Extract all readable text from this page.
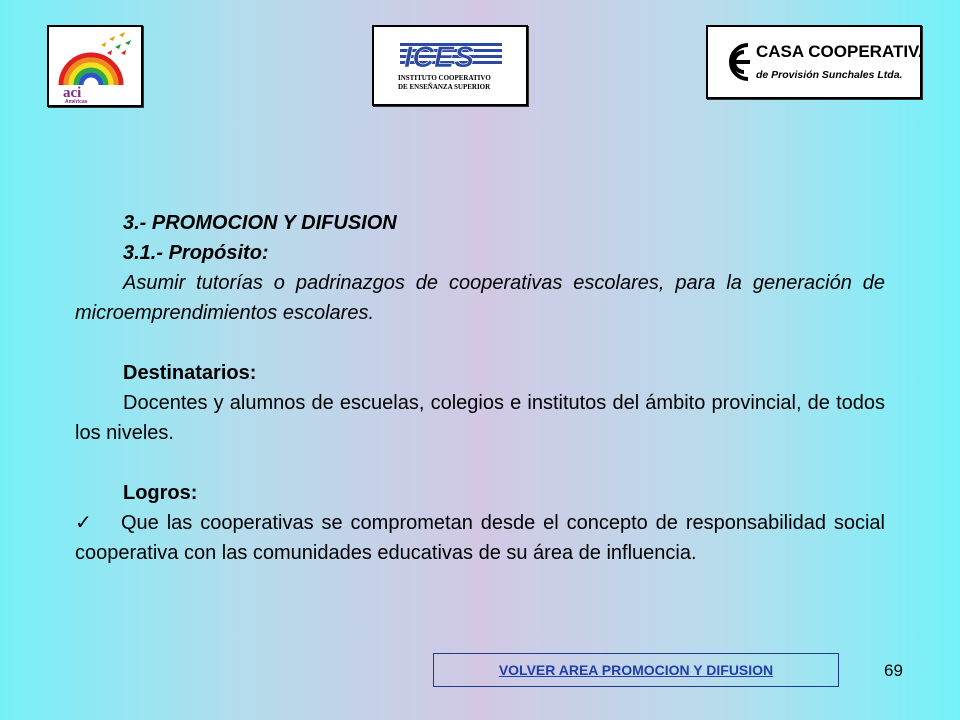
aci
Américas
ICES
INSTITUTO COOPERATIVO
DE ENSEÑANZA SUPERIOR
CASA COOPERATIVA
de Provisión Sunchales Ltda.

3.- PROMOCION Y DIFUSION

3.1.- Propósito:

Asumir tutorías o padrinazgos de cooperativas escolares, para la generación de microemprendimientos escolares.

Destinatarios:

Docentes y alumnos de escuelas, colegios e institutos del ámbito provincial, de todos los niveles.

Logros:

✓ Que las cooperativas se comprometan desde el concepto de responsabilidad social cooperativa con las comunidades educativas de su área de influencia.

VOLVER AREA PROMOCION Y DIFUSION	69
